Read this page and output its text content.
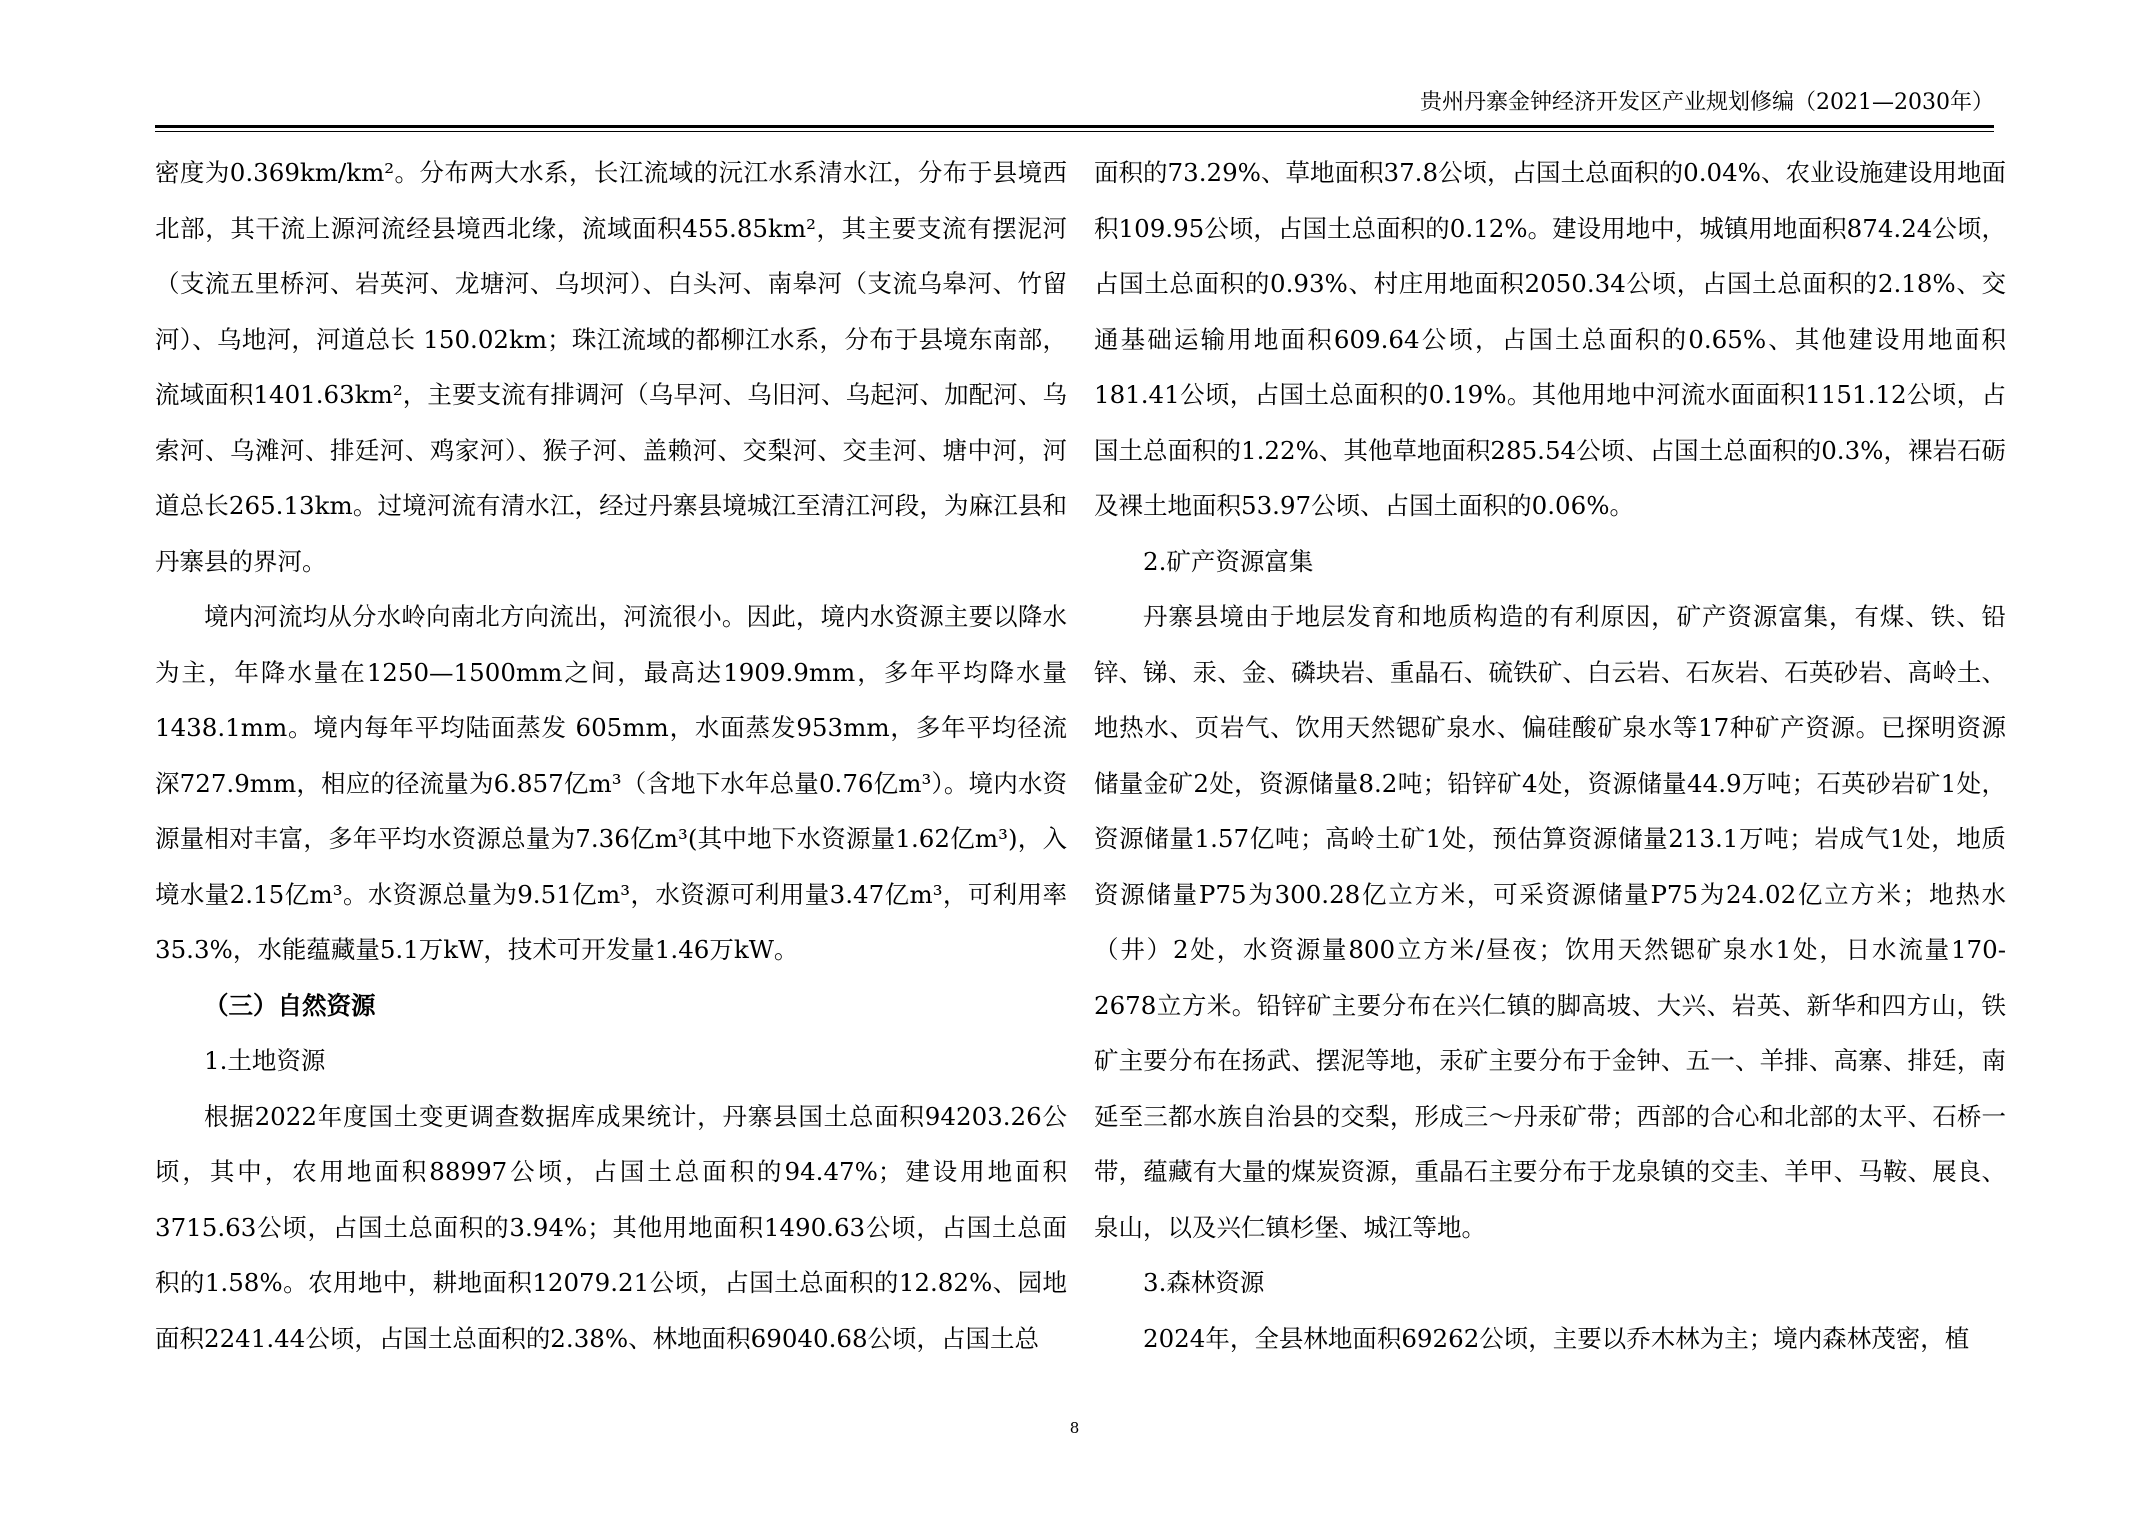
贵州丹寨金钟经济开发区产业规划修编（2021—2030年）

密度为0.369km/km²。分布两大水系，长江流域的沅江水系清水江，分布于县境西北部，其干流上源河流经县境西北缘，流域面积455.85km²，其主要支流有摆泥河（支流五里桥河、岩英河、龙塘河、乌坝河）、白头河、南皋河（支流乌皋河、竹留河）、乌地河，河道总长 150.02km；珠江流域的都柳江水系，分布于县境东南部，流域面积1401.63km²，主要支流有排调河（乌早河、乌旧河、乌起河、加配河、乌索河、乌滩河、排廷河、鸡家河）、猴子河、盖赖河、交梨河、交圭河、塘中河，河道总长265.13km。过境河流有清水江，经过丹寨县境城江至清江河段，为麻江县和丹寨县的界河。

境内河流均从分水岭向南北方向流出，河流很小。因此，境内水资源主要以降水为主，年降水量在1250—1500mm之间，最高达1909.9mm，多年平均降水量1438.1mm。境内每年平均陆面蒸发 605mm，水面蒸发953mm，多年平均径流深727.9mm，相应的径流量为6.857亿m³（含地下水年总量0.76亿m³）。境内水资源量相对丰富，多年平均水资源总量为7.36亿m³(其中地下水资源量1.62亿m³)，入境水量2.15亿m³。水资源总量为9.51亿m³，水资源可利用量3.47亿m³，可利用率35.3%，水能蕴藏量5.1万kW，技术可开发量1.46万kW。

（三）自然资源

1.土地资源

根据2022年度国土变更调查数据库成果统计，丹寨县国土总面积94203.26公顷，其中，农用地面积88997公顷，占国土总面积的94.47%；建设用地面积3715.63公顷，占国土总面积的3.94%；其他用地面积1490.63公顷，占国土总面积的1.58%。农用地中，耕地面积12079.21公顷，占国土总面积的12.82%、园地面积2241.44公顷，占国土总面积的2.38%、林地面积69040.68公顷，占国土总

面积的73.29%、草地面积37.8公顷，占国土总面积的0.04%、农业设施建设用地面积109.95公顷，占国土总面积的0.12%。建设用地中，城镇用地面积874.24公顷，占国土总面积的0.93%、村庄用地面积2050.34公顷，占国土总面积的2.18%、交通基础运输用地面积609.64公顷，占国土总面积的0.65%、其他建设用地面积181.41公顷，占国土总面积的0.19%。其他用地中河流水面面积1151.12公顷，占国土总面积的1.22%、其他草地面积285.54公顷、占国土总面积的0.3%，裸岩石砺及裸土地面积53.97公顷、占国土面积的0.06%。

2.矿产资源富集

丹寨县境由于地层发育和地质构造的有利原因，矿产资源富集，有煤、铁、铅锌、锑、汞、金、磷块岩、重晶石、硫铁矿、白云岩、石灰岩、石英砂岩、高岭土、地热水、页岩气、饮用天然锶矿泉水、偏硅酸矿泉水等17种矿产资源。已探明资源储量金矿2处，资源储量8.2吨；铅锌矿4处，资源储量44.9万吨；石英砂岩矿1处，资源储量1.57亿吨；高岭土矿1处，预估算资源储量213.1万吨；岩成气1处，地质资源储量P75为300.28亿立方米，可采资源储量P75为24.02亿立方米；地热水（井）2处，水资源量800立方米/昼夜；饮用天然锶矿泉水1处，日水流量170-2678立方米。铅锌矿主要分布在兴仁镇的脚高坡、大兴、岩英、新华和四方山，铁矿主要分布在扬武、摆泥等地，汞矿主要分布于金钟、五一、羊排、高寨、排廷，南延至三都水族自治县的交梨，形成三～丹汞矿带；西部的合心和北部的太平、石桥一带，蕴藏有大量的煤炭资源，重晶石主要分布于龙泉镇的交圭、羊甲、马鞍、展良、泉山，以及兴仁镇杉堡、城江等地。

3.森林资源

2024年，全县林地面积69262公顷，主要以乔木林为主；境内森林茂密，植

8
